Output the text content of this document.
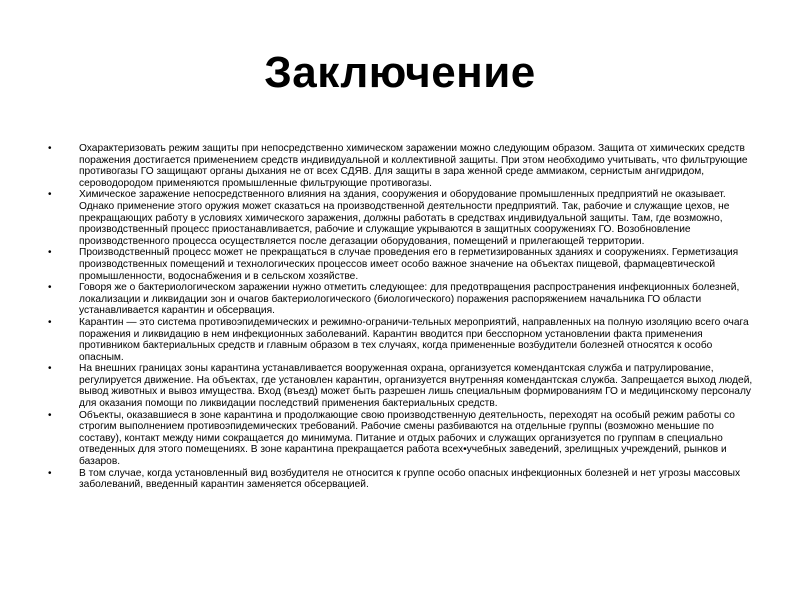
Заключение
•	Охарактеризовать режим защиты при непосредственно химическом заражении можно следующим образом. Защита от химических средств поражения достигается применением средств индивидуальной и коллективной защиты. При этом необходимо учитывать, что фильтрующие противогазы ГО защищают органы дыхания не от всех СДЯВ. Для защиты в зара женной среде аммиаком, сернистым ангидридом, сероводородом применяются промышленные фильтрующие противогазы.
•	Химическое заражение непосредственного влияния на здания, сооружения и оборудование промышленных предприятий не оказывает. Однако применение этого оружия может сказаться на производственной деятельности предприятий. Так, рабочие и служащие цехов, не прекращающих работу в условиях химического заражения, должны работать в средствах индивидуальной защиты. Там, где возможно, производственный процесс приостанавливается, рабочие и служащие укрываются в защитных сооружениях ГО. Возобновление производственного процесса осуществляется после дегазации оборудования, помещений и прилегающей территории.
•	Производственный процесс может не прекращаться в случае проведения его в герметизированных зданиях и сооружениях. Герметизация производственных помещений и технологических процессов имеет особо важное значение на объектах пищевой, фармацевтической промышленности, водоснабжения и в сельском хозяйстве.
•	Говоря же о бактериологическом заражении нужно отметить следующее: для предотвращения распространения инфекционных болезней, локализации и ликвидации зон и очагов бактериологического (биологического) поражения распоряжением начальника ГО области устанавливается карантин и обсервация.
•	Карантин — это система противоэпидемических и режимно-ограничи-тельных мероприятий, направленных на полную изоляцию всего очага поражения и ликвидацию в нем инфекционных заболеваний. Карантин вводится при бесспорном установлении факта применения противником бактериальных средств и главным образом в тех случаях, когда примененные возбудители болезней относятся к особо опасным.
•	На внешних границах зоны карантина устанавливается вооруженная охрана, организуется комендантская служба и патрулирование, регулируется движение. На объектах, где установлен карантин, организуется внутренняя комендантская служба. Запрещается выход людей, вывод животных и вывоз имущества. Вход (въезд) может быть разрешен лишь специальным формированиям ГО и медицинскому персоналу для оказания помощи по ликвидации последствий применения бактериальных средств.
•	Объекты, оказавшиеся в зоне карантина и продолжающие свою производственную деятельность, переходят на особый режим работы со строгим выполнением противоэпидемических требований. Рабочие смены разбиваются на отдельные группы (возможно меньшие по составу), контакт между ними сокращается до минимума. Питание и отдых рабочих и служащих организуется по группам в специально отведенных для этого помещениях. В зоне карантина прекращается работа всех•учебных заведений, зрелищных учреждений, рынков и базаров.
•	В том случае, когда установленный вид возбудителя не относится к группе особо опасных инфекционных болезней и нет угрозы массовых заболеваний, введенный карантин заменяется обсервацией.
